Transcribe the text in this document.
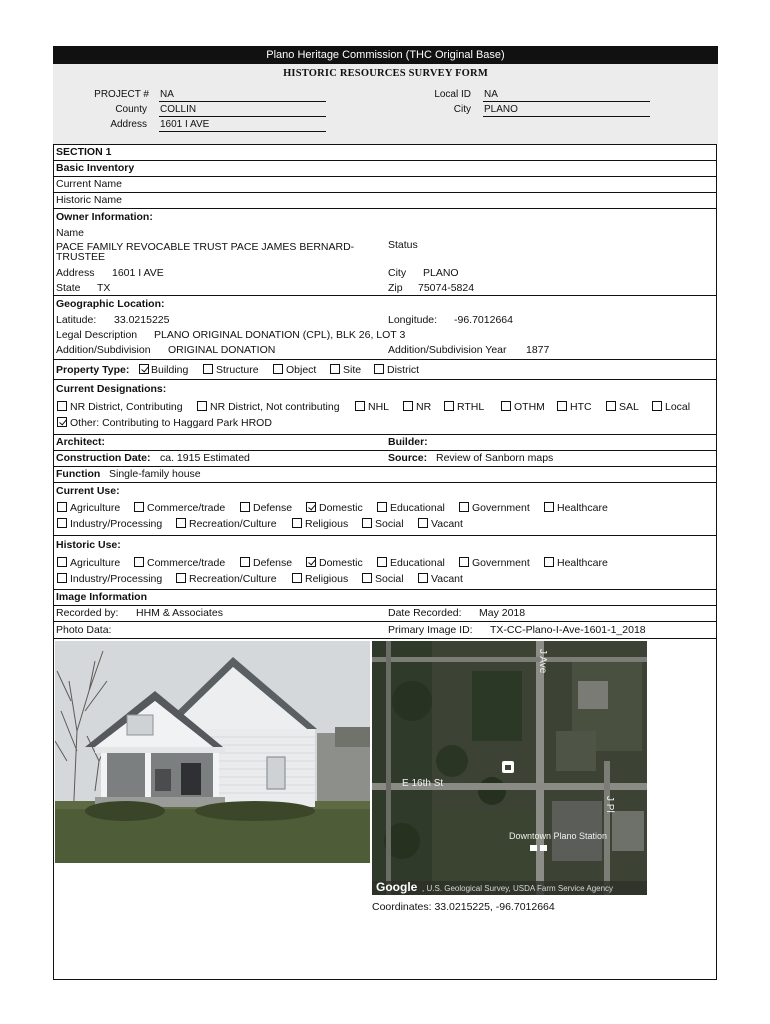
Plano Heritage Commission (THC Original Base)
HISTORIC RESOURCES SURVEY FORM
PROJECT # NA
County COLLIN
Address 1601 I AVE
Local ID NA
City PLANO
SECTION 1
Basic Inventory
Current Name
Historic Name
Owner Information:
Name
PACE FAMILY REVOCABLE TRUST PACE JAMES BERNARD-
TRUSTEE
Status
Address 1601 I AVE	City PLANO
State TX	Zip 75074-5824
Geographic Location:
Latitude: 33.0215225	Longitude: -96.7012664
Legal Description PLANO ORIGINAL DONATION (CPL), BLK 26, LOT 3
Addition/Subdivision ORIGINAL DONATION	Addition/Subdivision Year 1877
Property Type: Building	Structure	Object	Site District
Current Designations:
NR District, Contributing	NR District, Not contributing	NHL	NR RTHL	OTHM HTC	SAL Local
Other: Contributing to Haggard Park HROD
Architect:	Builder:
Construction Date: ca. 1915 Estimated	Source: Review of Sanborn maps
Function Single-family house
Current Use:
Agriculture	Commerce/trade	Defense	Domestic	Educational	Government	Healthcare
Industry/Processing	Recreation/Culture	Religious	Social	Vacant
Historic Use:
Agriculture	Commerce/trade	Defense	Domestic	Educational	Government	Healthcare
Industry/Processing	Recreation/Culture	Religious	Social	Vacant
Image Information
Recorded by: HHM & Associates	Date Recorded: May 2018
Photo Data:	Primary Image ID: TX-CC-Plano-I-Ave-1601-1_2018
J Ave
E 16th St
J Pl
Downtown Plano Station
Google , U.S. Geological Survey, USDA Farm Service Agency
Coordinates: 33.0215225, -96.7012664
